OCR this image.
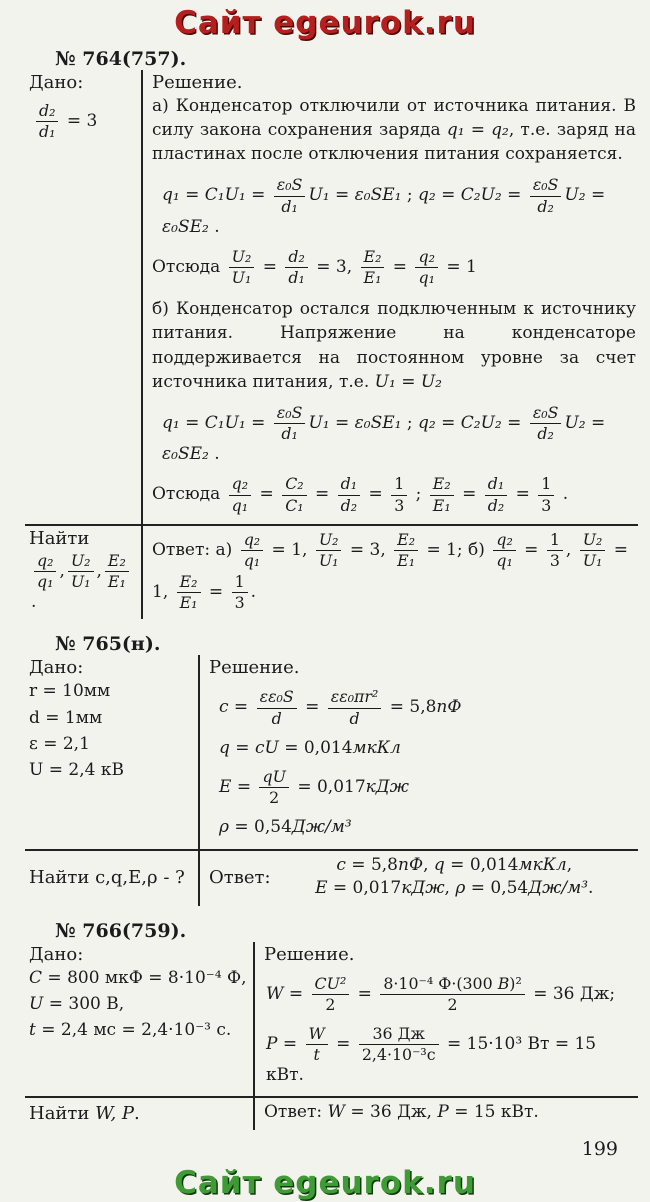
Сайт egeurok.ru
№ 764(757).
Дано:
$\frac{\text{d₂}}{\text{d₁}} = 3$
Решение.
а) Конденсатор отключили от источника питания. В силу закона сохранения заряда q₁ = q₂, т.е. заряд на пластинах после отключения питания сохраняется.
$q_1 = C_1U_1 = \frac{\text{ε₀S}}{\text{d₁}} U_1 = \varepsilon_0SE_1$ ; $q_2 = C_2U_2 = \frac{\text{ε₀S}}{\text{d₂}} U_2 = \varepsilon_0SE_2$ .
Отсюда $\frac{\text{U₂}}{\text{U₁}} = \frac{\text{d₂}}{\text{d₁}} = 3$, $\frac{\text{E₂}}{\text{E₁}} = \frac{\text{q₂}}{\text{q₁}} = 1$
б) Конденсатор остался подключенным к источнику питания. Напряжение на конденсаторе поддерживается на постоянном уровне за счет источника питания, т.е. U₁ = U₂
$q_1 = C_1U_1 = \frac{\text{ε₀S}}{\text{d₁}} U_1 = \varepsilon_0SE_1$ ; $q_2 = C_2U_2 = \frac{\text{ε₀S}}{\text{d₂}} U_2 = \varepsilon_0SE_2$ .
Отсюда $\frac{\text{q₂}}{\text{q₁}} = \frac{\text{C₂}}{\text{C₁}} = \frac{\text{d₁}}{\text{d₂}} = \frac{1}{3}$ ; $\frac{\text{E₂}}{\text{E₁}} = \frac{\text{d₁}}{\text{d₂}} = \frac{1}{3}$ .
Найти
$\frac{\text{q₂}}{\text{q₁}}$ , $\frac{\text{U₂}}{\text{U₁}}$ , $\frac{\text{E₂}}{\text{E₁}}$
.
Ответ: $а) \frac{\text{q₂}}{\text{q₁}} = 1$, $\frac{\text{U₂}}{\text{U₁}} = 3$, $\frac{\text{E₂}}{\text{E₁}} = 1$; $б) \frac{\text{q₂}}{\text{q₁}} = \frac{1}{3}$ , $\frac{\text{U₂}}{\text{U₁}} = 1$, $\frac{\text{E₂}}{\text{E₁}} = \frac{1}{3}$ .
№ 765(н).
Дано:
r = 10мм
d = 1мм
ε = 2,1
U = 2,4 кВ
Решение.
$c = \frac{\text{εε₀S}}{d} = \frac{\text{εε₀πr²}}{d} = 5,8пФ$
q = cU = 0,014мкКл
$E = \frac{qU}{2} = 0,017кДж$
ρ = 0,54Дж/м³
Найти c,q,E,ρ - ? Ответ:
c = 5,8пФ, q = 0,014мкКл,
E = 0,017кДж, ρ = 0,54Дж/м³.
№ 766(759).
Дано:
C = 800 мкФ = 8·10⁻⁴ Ф,
U = 300 В,
t = 2,4 мс = 2,4·10⁻³ с.
Решение.
$W = \frac{\text{CU²}}{2} = \frac{\text{8·10⁻⁴ Ф·(300 В)²}}{2} = 36$ Дж;
$P = \frac{W}{t} = \frac{36 Дж}{\text{2,4·10⁻³с}} = 15\cdot 10^3$ Вт = 15 кВт.
Найти W, P.	Ответ: W = 36 Дж, P = 15 кВт.
199
Сайт egeurok.ru
